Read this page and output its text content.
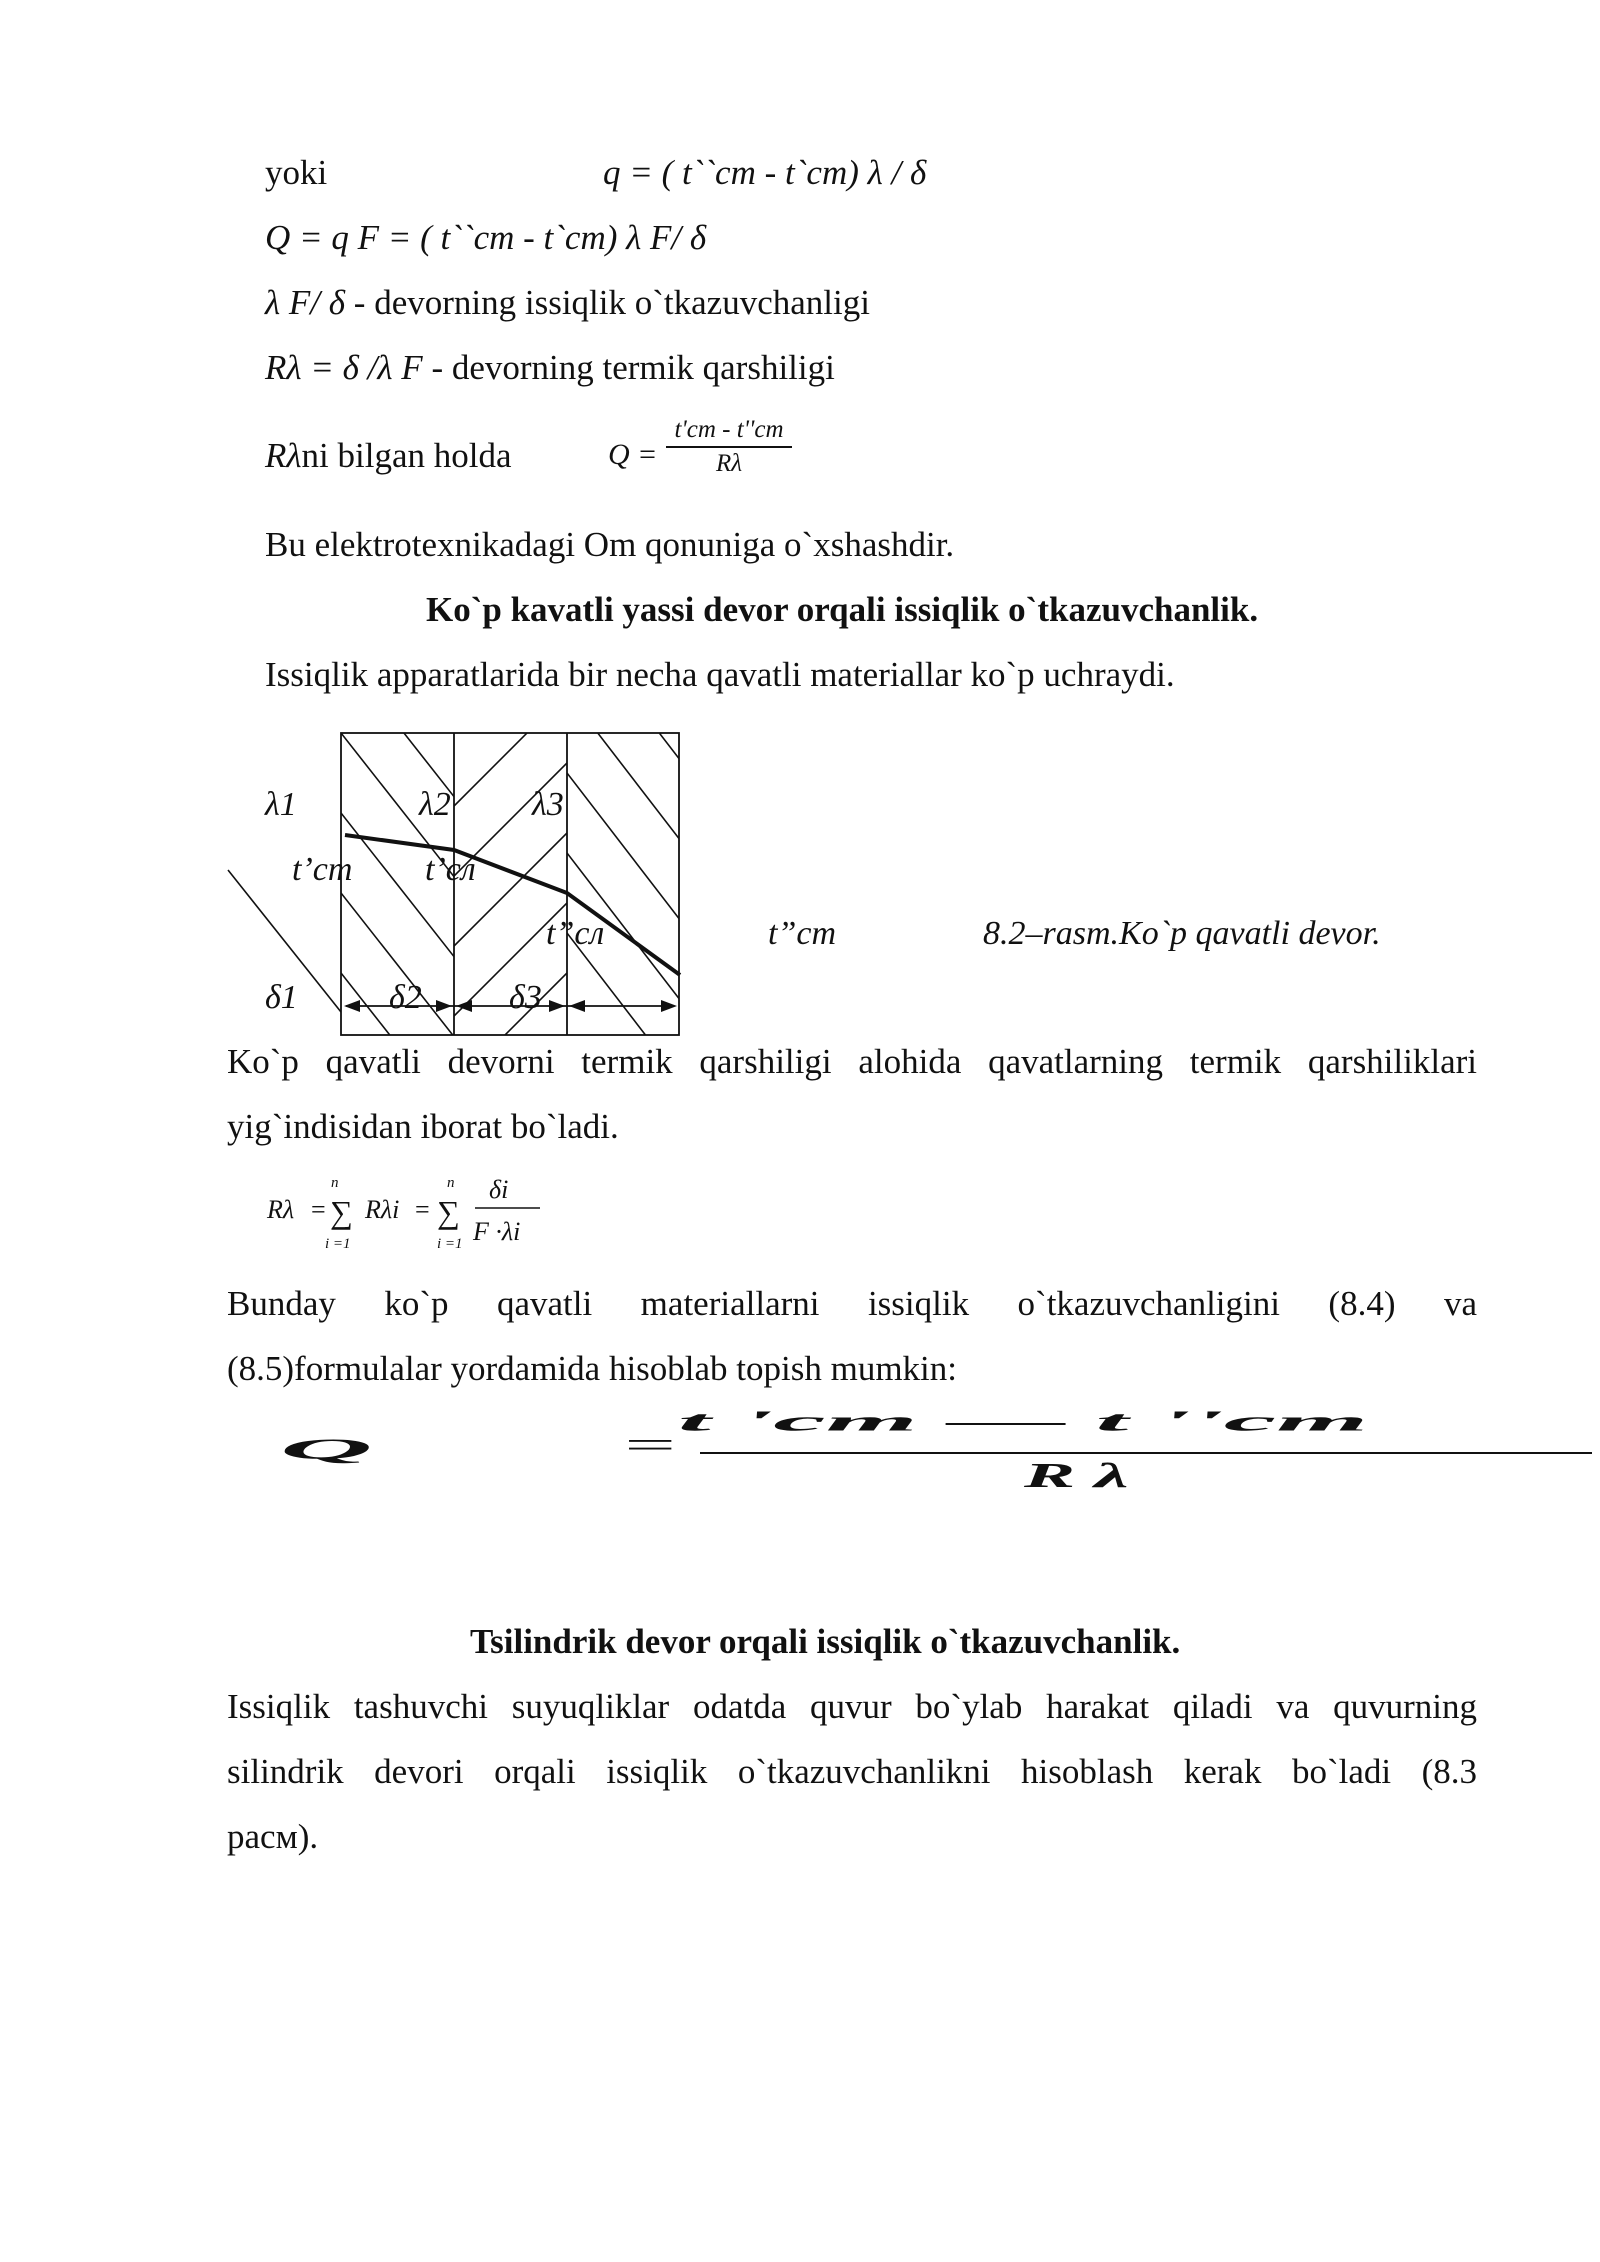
yoki	q = ( t``cm - t`cm) λ / δ
Q = q F = ( t``cm - t`cm) λ F/ δ
λ F/ δ - devorning issiqlik o`tkazuvchanligi
Rλ = δ /λ F - devorning termik qarshiligi
Rλni bilgan holda	Q =
t'cm - t''cm
Rλ
Bu elektrotexnikadagi Om qonuniga o`xshashdir.
Ko`p kavatli yassi devor orqali issiqlik o`tkazuvchanlik.
Issiqlik apparatlarida bir necha qavatli materiallar ko`p uchraydi.
λ1	λ2 λ3
t’cm t’сл
t”сл	t”cm
δ1	δ2	δ3
8.2–rasm.Ko`p qavatli devor.
Ko`p qavatli devorni termik qarshiligi alohida qavatlarning termik qarshiliklari
yig`indisidan iborat bo`ladi.
Rλ =
n
∑
i =1
Rλi =
n
∑
i =1
δi
F ·λi
Bunday ko`p qavatli materiallarni issiqlik o`tkazuvchanligini (8.4) va
(8.5)formulalar yordamida hisoblab topish mumkin:
Q	=
t 'cm — t ''cm
R λ
Tsilindrik devor orqali issiqlik o`tkazuvchanlik.
Issiqlik tashuvchi suyuqliklar odatda quvur bo`ylab harakat qiladi va quvurning
silindrik devori orqali issiqlik o`tkazuvchanlikni hisoblash kerak bo`ladi (8.3
расм).
